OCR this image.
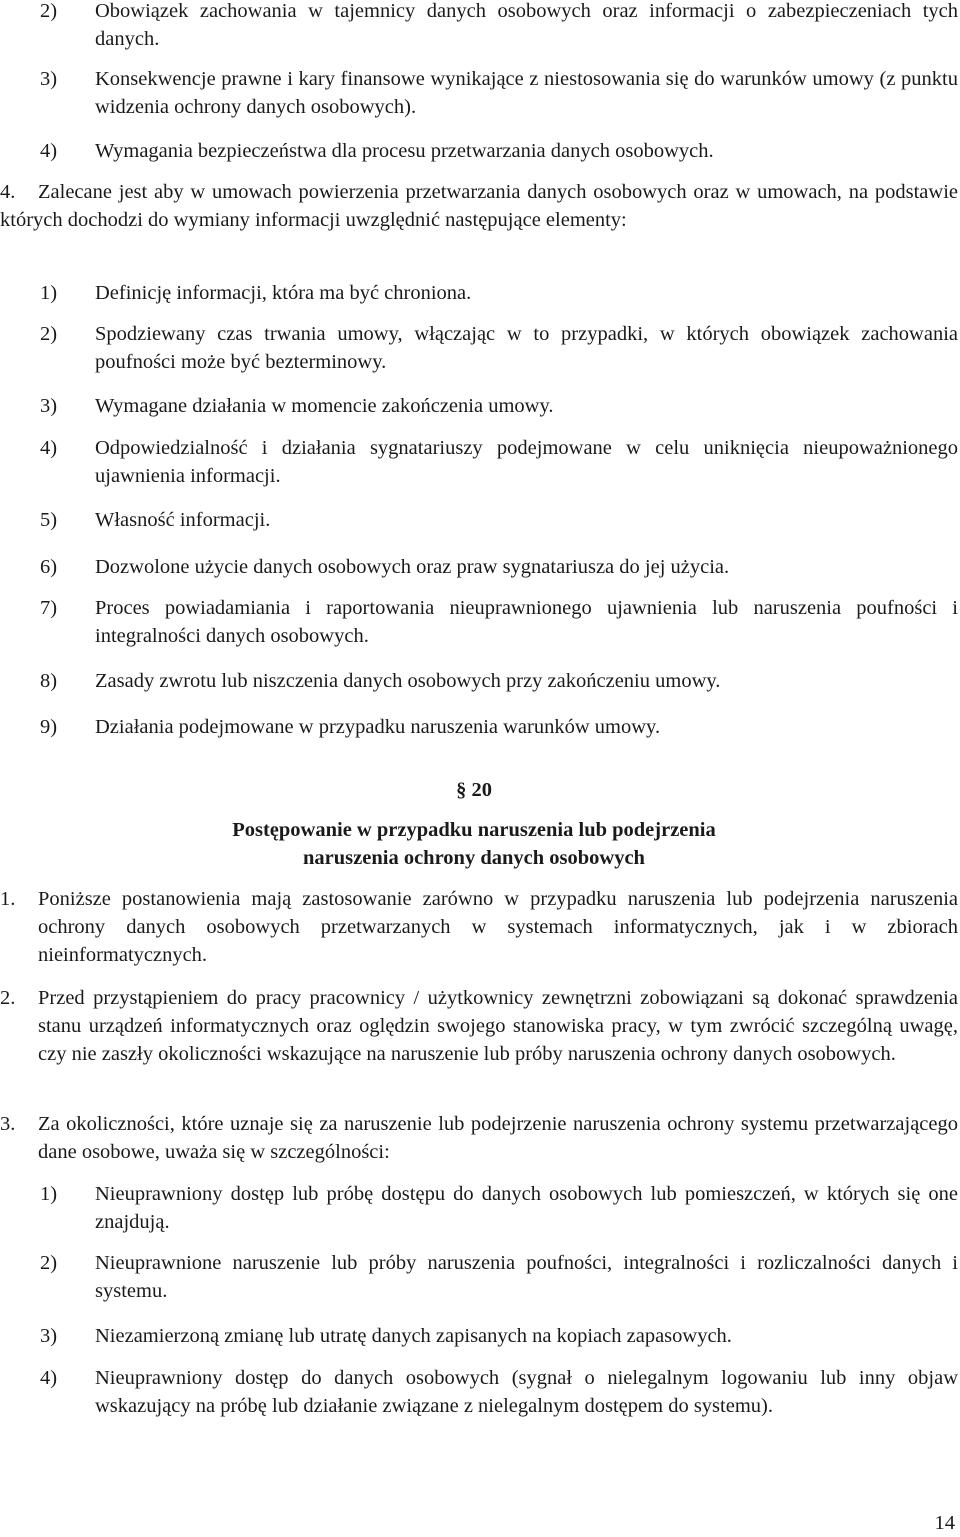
2) Obowiązek zachowania w tajemnicy danych osobowych oraz informacji o zabezpieczeniach tych danych.
3) Konsekwencje prawne i kary finansowe wynikające z niestosowania się do warunków umowy (z punktu widzenia ochrony danych osobowych).
4) Wymagania bezpieczeństwa dla procesu przetwarzania danych osobowych.
4.	Zalecane jest aby w umowach powierzenia przetwarzania danych osobowych oraz w umowach, na podstawie których dochodzi do wymiany informacji uwzględnić następujące elementy:
1) Definicję informacji, która ma być chroniona.
2) Spodziewany czas trwania umowy, włączając w to przypadki, w których obowiązek zachowania poufności może być bezterminowy.
3) Wymagane działania w momencie zakończenia umowy.
4) Odpowiedzialność i działania sygnatariuszy podejmowane w celu uniknięcia nieupoważnionego ujawnienia informacji.
5) Własność informacji.
6) Dozwolone użycie danych osobowych oraz praw sygnatariusza do jej użycia.
7) Proces powiadamiania i raportowania nieuprawnionego ujawnienia lub naruszenia poufności i integralności danych osobowych.
8) Zasady zwrotu lub niszczenia danych osobowych przy zakończeniu umowy.
9) Działania podejmowane w przypadku naruszenia warunków umowy.
§ 20
Postępowanie w przypadku naruszenia lub podejrzenia
naruszenia ochrony danych osobowych
1. Poniższe postanowienia mają zastosowanie zarówno w przypadku naruszenia lub podejrzenia naruszenia ochrony danych osobowych przetwarzanych w systemach informatycznych, jak i w zbiorach nieinformatycznych.
2. Przed przystąpieniem do pracy pracownicy / użytkownicy zewnętrzni zobowiązani są dokonać sprawdzenia stanu urządzeń informatycznych oraz oględzin swojego stanowiska pracy, w tym zwrócić szczególną uwagę, czy nie zaszły okoliczności wskazujące na naruszenie lub próby naruszenia ochrony danych osobowych.
3. Za okoliczności, które uznaje się za naruszenie lub podejrzenie naruszenia ochrony systemu przetwarzającego dane osobowe, uważa się w szczególności:
1) Nieuprawniony dostęp lub próbę dostępu do danych osobowych lub pomieszczeń, w których się one znajdują.
2) Nieuprawnione naruszenie lub próby naruszenia poufności, integralności i rozliczalności danych i systemu.
3) Niezamierzoną zmianę lub utratę danych zapisanych na kopiach zapasowych.
4) Nieuprawniony dostęp do danych osobowych (sygnał o nielegalnym logowaniu lub inny objaw wskazujący na próbę lub działanie związane z nielegalnym dostępem do systemu).
14
